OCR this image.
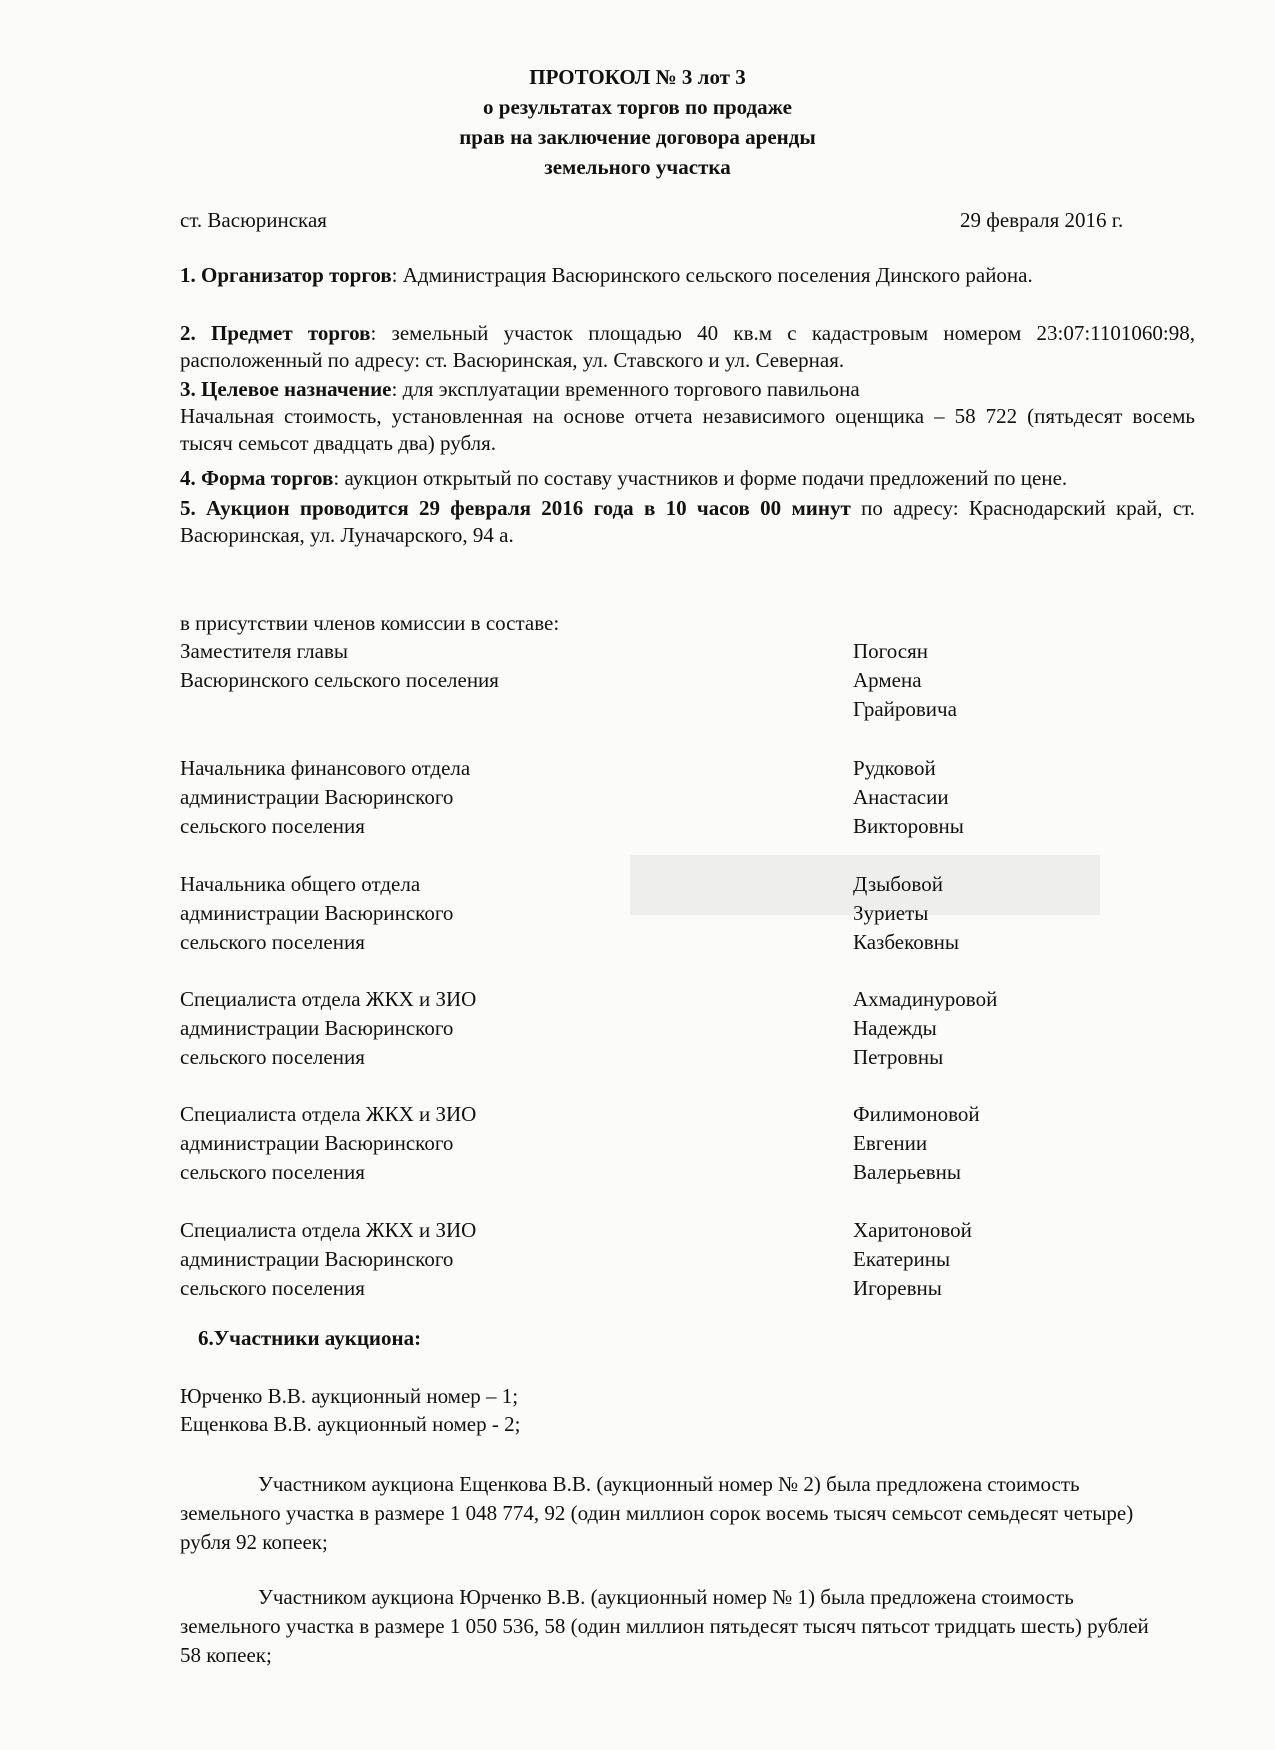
ПРОТОКОЛ № 3 лот 3
о результатах торгов по продаже
прав на заключение договора аренды
земельного участка
ст. Васюринская	29 февраля 2016 г.
1. Организатор торгов: Администрация Васюринского сельского поселения Динского района.
2. Предмет торгов: земельный участок площадью 40 кв.м с кадастровым номером 23:07:1101060:98, расположенный по адресу: ст. Васюринская, ул. Ставского и ул. Северная.
3. Целевое назначение: для эксплуатации временного торгового павильона
Начальная стоимость, установленная на основе отчета независимого оценщика – 58 722 (пятьдесят восемь тысяч семьсот двадцать два) рубля.
4. Форма торгов: аукцион открытый по составу участников и форме подачи предложений по цене.
5. Аукцион проводится 29 февраля 2016 года в 10 часов 00 минут по адресу: Краснодарский край, ст. Васюринская, ул. Луначарского, 94 а.
в присутствии членов комиссии в составе:
Заместителя главы
Васюринского сельского поселения
Погосян
Армена
Грайровича
Начальника финансового отдела
администрации Васюринского
сельского поселения
Рудковой
Анастасии
Викторовны
Начальника общего отдела
администрации Васюринского
сельского поселения
Дзыбовой
Зуриеты
Казбековны
Специалиста отдела ЖКХ и ЗИО
администрации Васюринского
сельского поселения
Ахмадинуровой
Надежды
Петровны
Специалиста отдела ЖКХ и ЗИО
администрации Васюринского
сельского поселения
Филимоновой
Евгении
Валерьевны
Специалиста отдела ЖКХ и ЗИО
администрации Васюринского
сельского поселения
Харитоновой
Екатерины
Игоревны
6.Участники аукциона:
Юрченко В.В. аукционный номер – 1;
Ещенкова В.В. аукционный номер - 2;
Участником аукциона Ещенкова В.В. (аукционный номер № 2) была предложена стоимость земельного участка в размере 1 048 774, 92 (один миллион сорок восемь тысяч семьсот семьдесят четыре) рубля 92 копеек;
Участником аукциона Юрченко В.В. (аукционный номер № 1) была предложена стоимость земельного участка в размере 1 050 536, 58 (один миллион пятьдесят тысяч пятьсот тридцать шесть) рублей 58 копеек;
